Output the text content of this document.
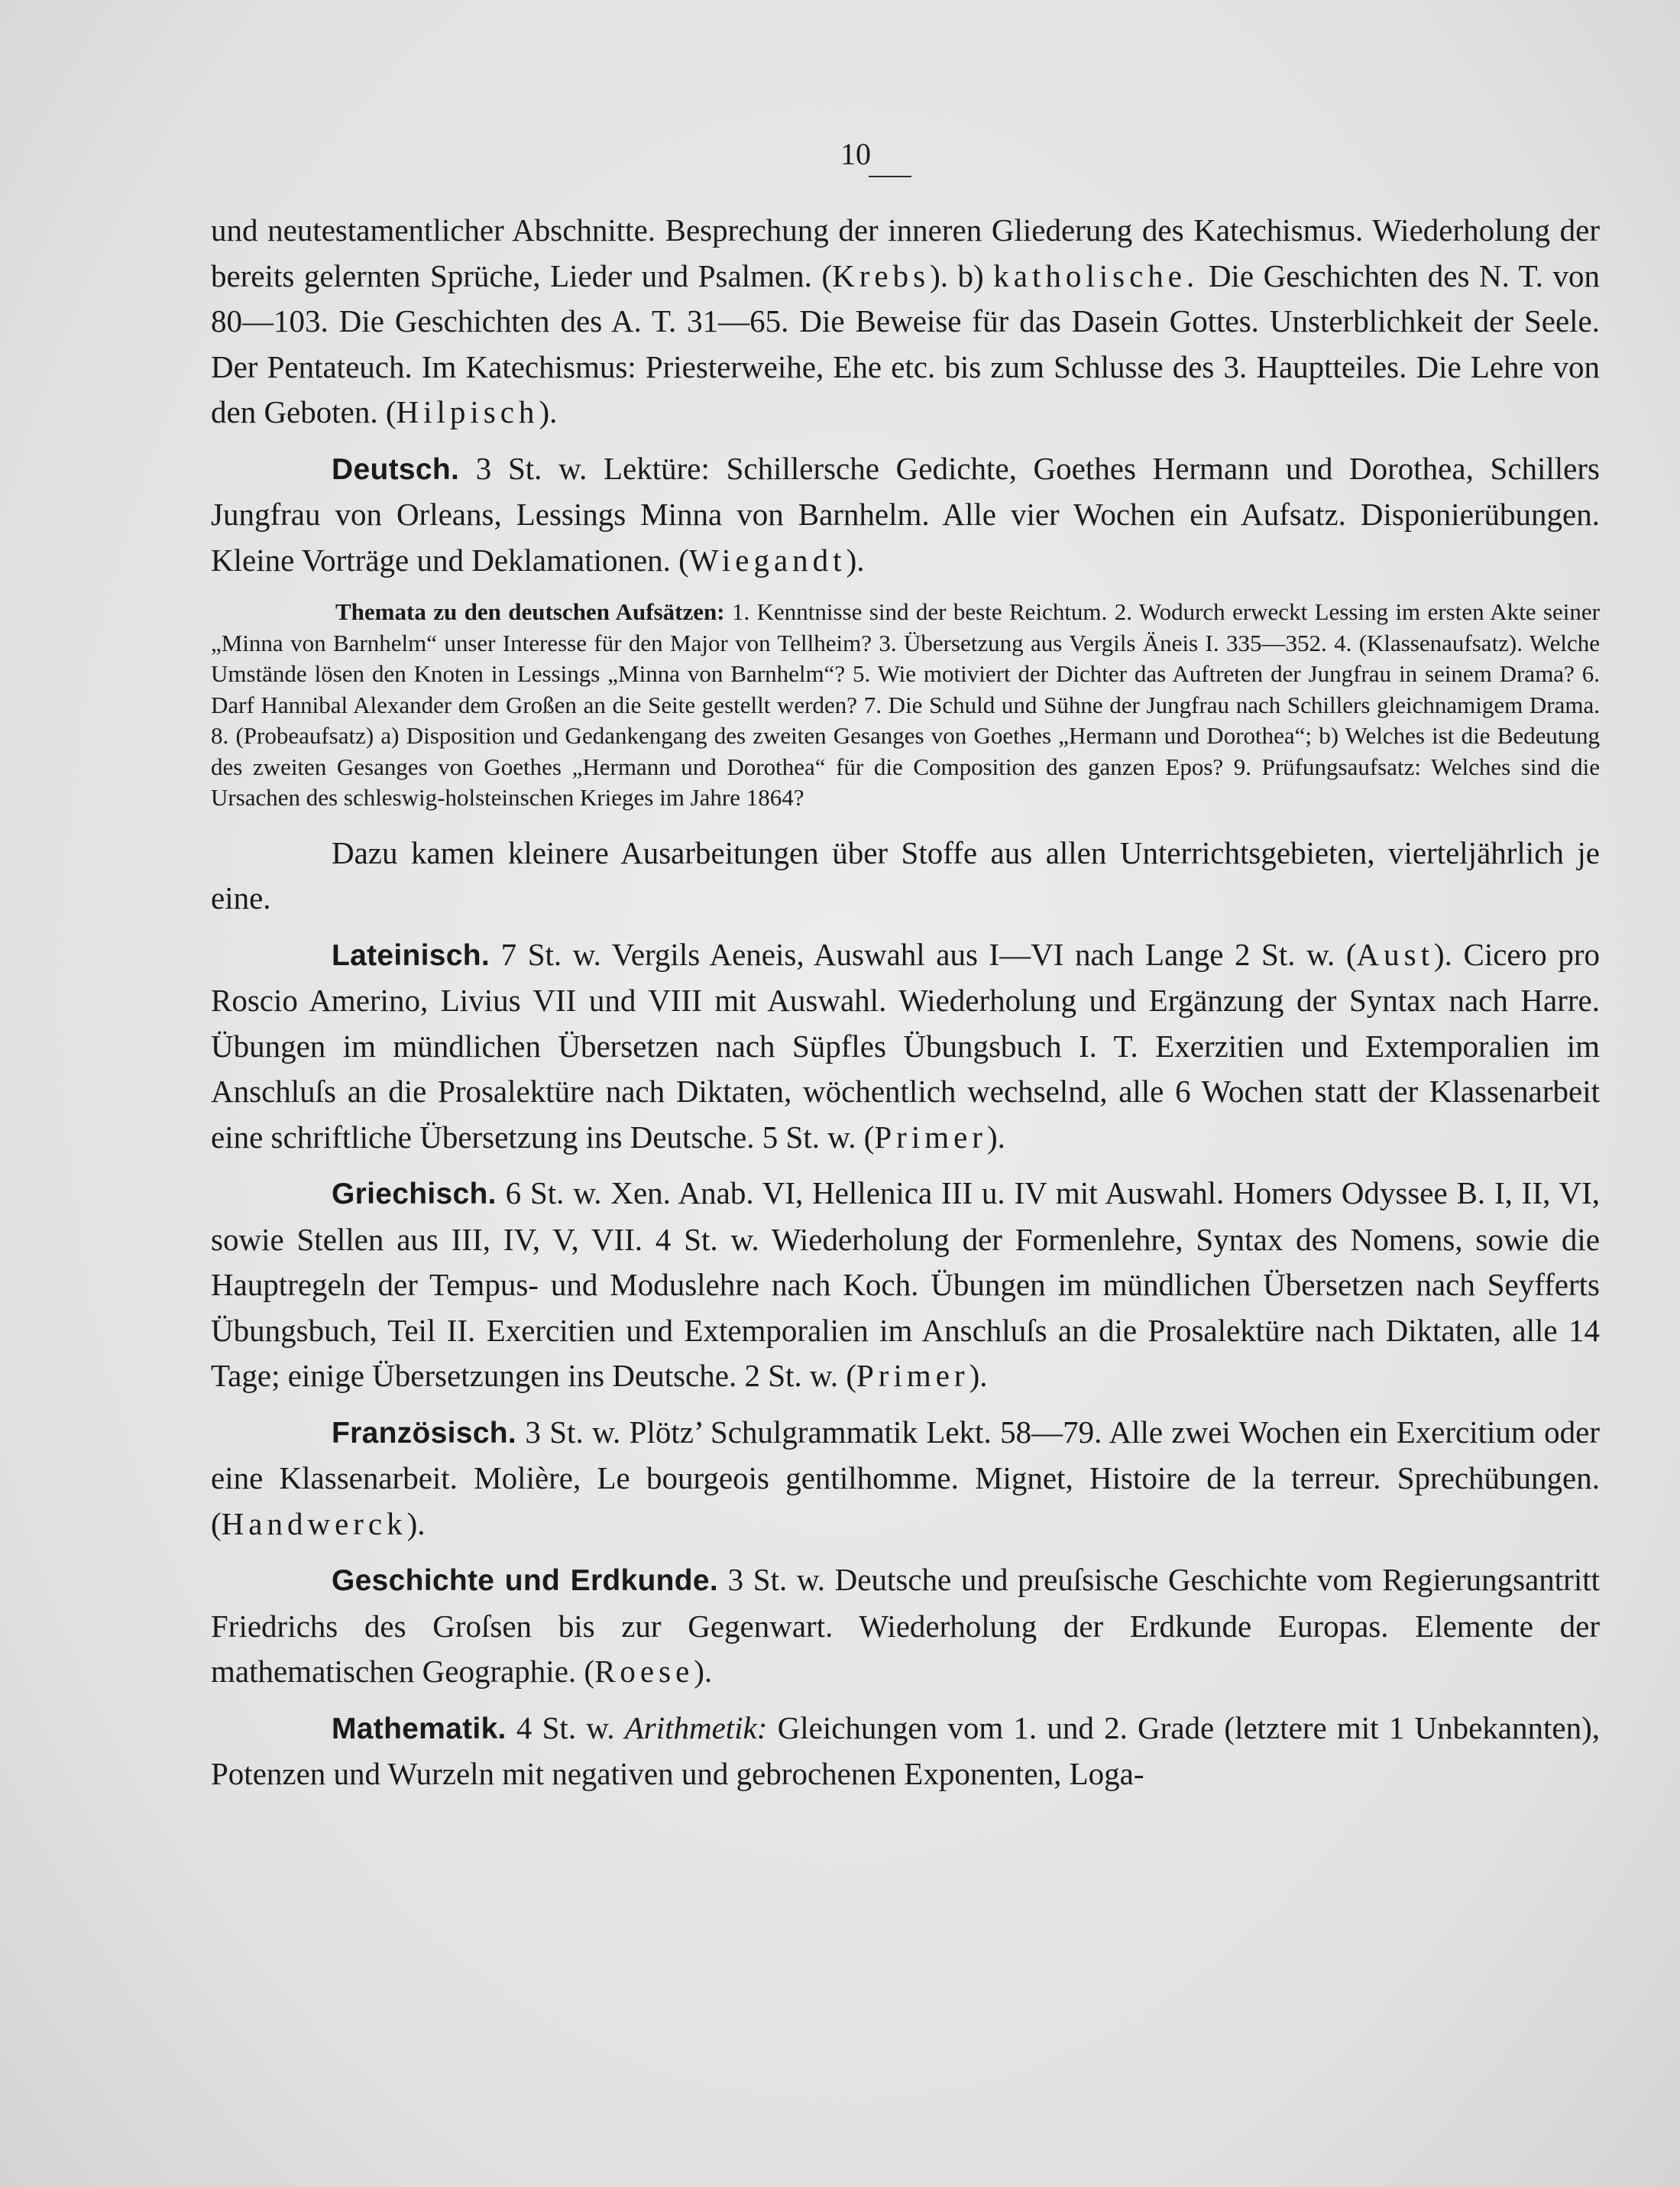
10

und neutestamentlicher Abschnitte. Besprechung der inneren Gliederung des Katechismus. Wiederholung der bereits gelernten Sprüche, Lieder und Psalmen. (Krebs). b) katholische. Die Geschichten des N. T. von 80—103. Die Geschichten des A. T. 31—65. Die Beweise für das Dasein Gottes. Unsterblichkeit der Seele. Der Pentateuch. Im Katechismus: Priesterweihe, Ehe etc. bis zum Schlusse des 3. Hauptteiles. Die Lehre von den Geboten. (Hilpisch).

Deutsch. 3 St. w. Lektüre: Schillersche Gedichte, Goethes Hermann und Dorothea, Schillers Jungfrau von Orleans, Lessings Minna von Barnhelm. Alle vier Wochen ein Aufsatz. Disponierübungen. Kleine Vorträge und Deklamationen. (Wiegandt).

Themata zu den deutschen Aufsätzen: 1. Kenntnisse sind der beste Reichtum. 2. Wodurch erweckt Lessing im ersten Akte seiner „Minna von Barnhelm“ unser Interesse für den Major von Tellheim? 3. Übersetzung aus Vergils Äneis I. 335—352. 4. (Klassenaufsatz). Welche Umstände lösen den Knoten in Lessings „Minna von Barnhelm“? 5. Wie motiviert der Dichter das Auftreten der Jungfrau in seinem Drama? 6. Darf Hannibal Alexander dem Großen an die Seite gestellt werden? 7. Die Schuld und Sühne der Jungfrau nach Schillers gleichnamigem Drama. 8. (Probeaufsatz) a) Disposition und Gedankengang des zweiten Gesanges von Goethes „Hermann und Dorothea“; b) Welches ist die Bedeutung des zweiten Gesanges von Goethes „Hermann und Dorothea“ für die Composition des ganzen Epos? 9. Prüfungsaufsatz: Welches sind die Ursachen des schleswig-holsteinschen Krieges im Jahre 1864?

Dazu kamen kleinere Ausarbeitungen über Stoffe aus allen Unterrichtsgebieten, vierteljährlich je eine.

Lateinisch. 7 St. w. Vergils Aeneis, Auswahl aus I—VI nach Lange 2 St. w. (Aust). Cicero pro Roscio Amerino, Livius VII und VIII mit Auswahl. Wiederholung und Ergänzung der Syntax nach Harre. Übungen im mündlichen Übersetzen nach Süpfles Übungsbuch I. T. Exerzitien und Extemporalien im Anschluſs an die Prosalektüre nach Diktaten, wöchentlich wechselnd, alle 6 Wochen statt der Klassenarbeit eine schriftliche Übersetzung ins Deutsche. 5 St. w. (Primer).

Griechisch. 6 St. w. Xen. Anab. VI, Hellenica III u. IV mit Auswahl. Homers Odyssee B. I, II, VI, sowie Stellen aus III, IV, V, VII. 4 St. w. Wiederholung der Formenlehre, Syntax des Nomens, sowie die Hauptregeln der Tempus- und Moduslehre nach Koch. Übungen im mündlichen Übersetzen nach Seyfferts Übungsbuch, Teil II. Exercitien und Extemporalien im Anschluſs an die Prosalektüre nach Diktaten, alle 14 Tage; einige Übersetzungen ins Deutsche. 2 St. w. (Primer).

Französisch. 3 St. w. Plötz’ Schulgrammatik Lekt. 58—79. Alle zwei Wochen ein Exercitium oder eine Klassenarbeit. Molière, Le bourgeois gentilhomme. Mignet, Histoire de la terreur. Sprechübungen. (Handwerck).

Geschichte und Erdkunde. 3 St. w. Deutsche und preuſsische Geschichte vom Regierungsantritt Friedrichs des Groſsen bis zur Gegenwart. Wiederholung der Erdkunde Europas. Elemente der mathematischen Geographie. (Roese).

Mathematik. 4 St. w. Arithmetik: Gleichungen vom 1. und 2. Grade (letztere mit 1 Unbekannten), Potenzen und Wurzeln mit negativen und gebrochenen Exponenten, Loga-
